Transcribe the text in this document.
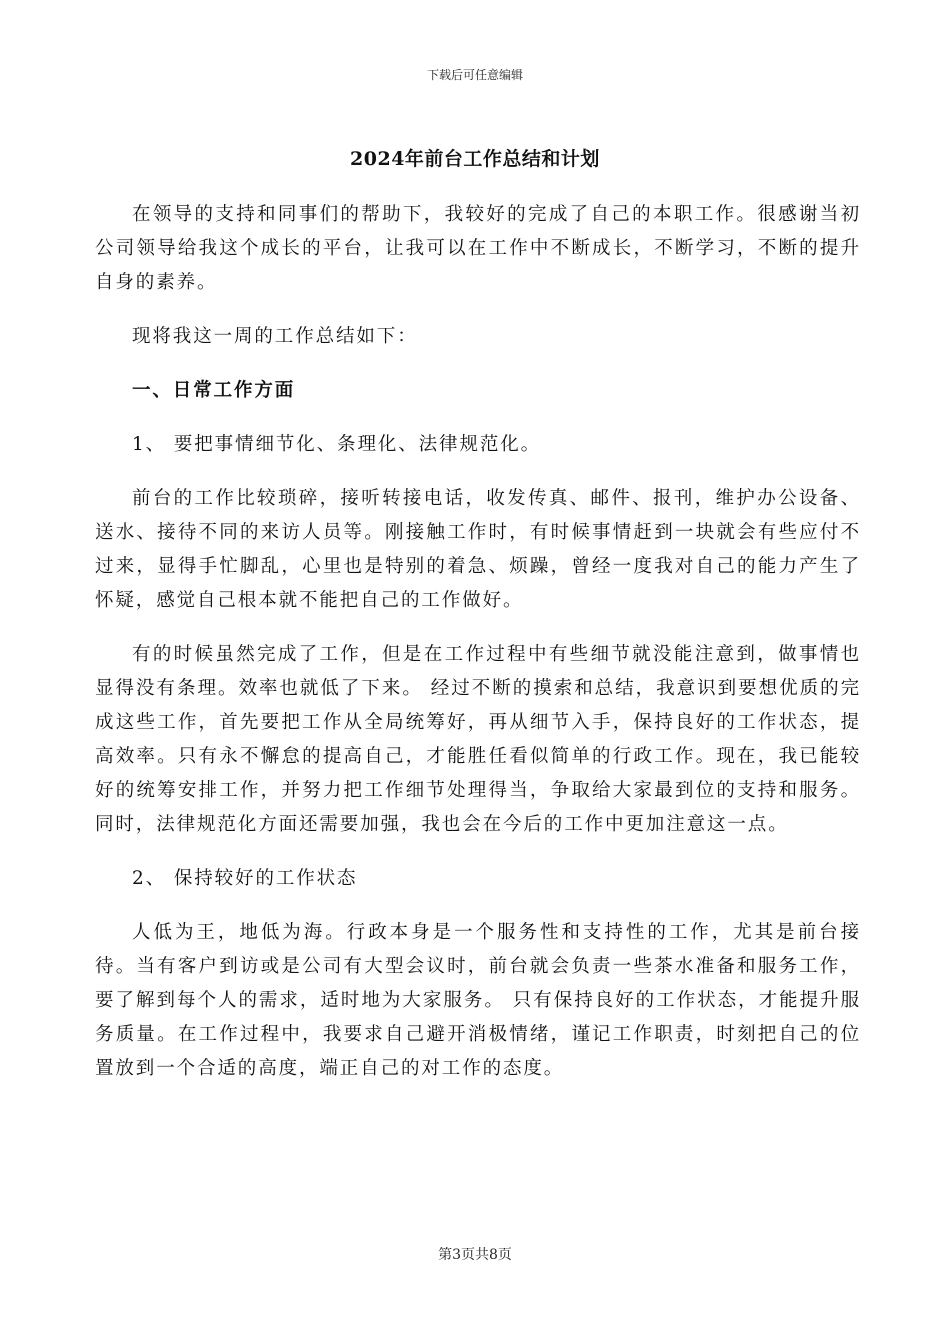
下载后可任意编辑
2024年前台工作总结和计划

在领导的支持和同事们的帮助下，我较好的完成了自己的本职工作。很感谢当初公司领导给我这个成长的平台，让我可以在工作中不断成长，不断学习，不断的提升自身的素养。

现将我这一周的工作总结如下：

一、日常工作方面

1、 要把事情细节化、条理化、法律规范化。

前台的工作比较琐碎，接听转接电话，收发传真、邮件、报刊，维护办公设备、送水、接待不同的来访人员等。刚接触工作时，有时候事情赶到一块就会有些应付不过来，显得手忙脚乱，心里也是特别的着急、烦躁，曾经一度我对自己的能力产生了怀疑，感觉自己根本就不能把自己的工作做好。

有的时候虽然完成了工作，但是在工作过程中有些细节就没能注意到，做事情也显得没有条理。效率也就低了下来。 经过不断的摸索和总结，我意识到要想优质的完成这些工作，首先要把工作从全局统筹好，再从细节入手，保持良好的工作状态，提高效率。只有永不懈怠的提高自己，才能胜任看似简单的行政工作。现在，我已能较好的统筹安排工作，并努力把工作细节处理得当，争取给大家最到位的支持和服务。同时，法律规范化方面还需要加强，我也会在今后的工作中更加注意这一点。

2、 保持较好的工作状态

人低为王，地低为海。行政本身是一个服务性和支持性的工作，尤其是前台接待。当有客户到访或是公司有大型会议时，前台就会负责一些茶水准备和服务工作，要了解到每个人的需求，适时地为大家服务。 只有保持良好的工作状态，才能提升服务质量。在工作过程中，我要求自己避开消极情绪，谨记工作职责，时刻把自己的位置放到一个合适的高度，端正自己的对工作的态度。

第3页共8页
